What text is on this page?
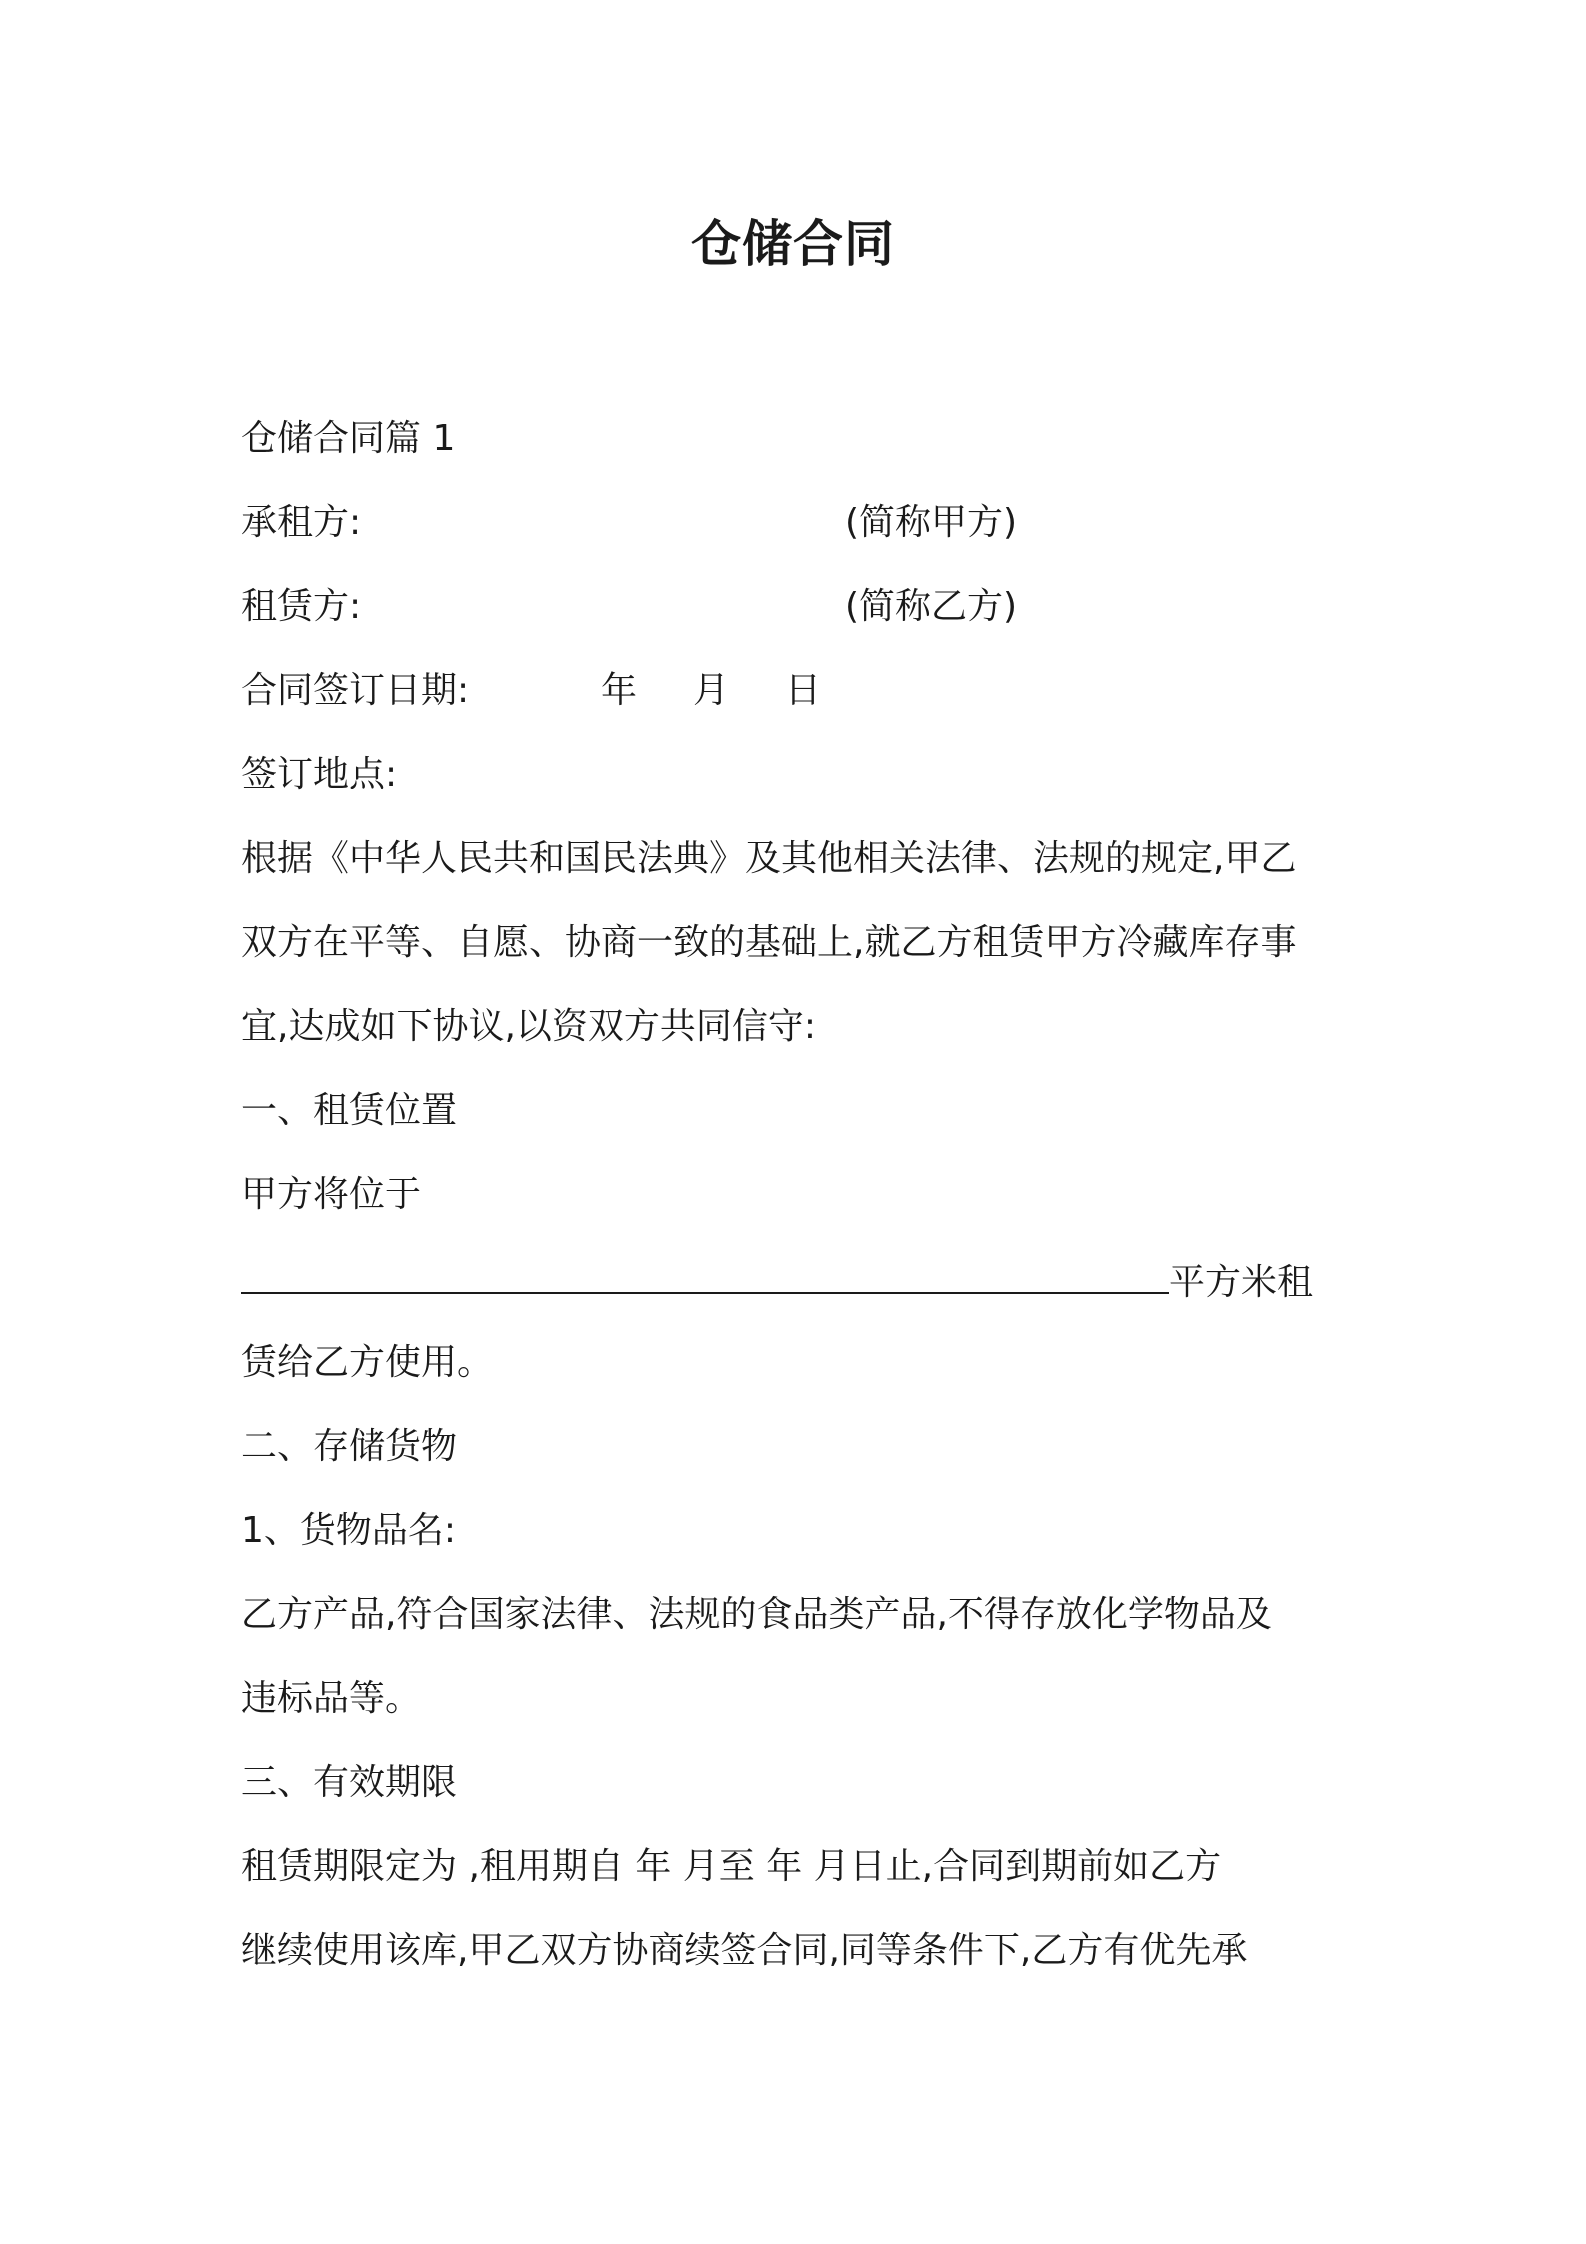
仓储合同

仓储合同篇 1

承租方:	(简称甲方)

租赁方:	(简称乙方)

合同签订日期:	年 月 日

签订地点:

根据《中华人民共和国民法典》及其他相关法律、法规的规定,甲乙

双方在平等、自愿、协商一致的基础上,就乙方租赁甲方冷藏库存事

宜,达成如下协议,以资双方共同信守:

一、租赁位置

甲方将位于

平方米租

赁给乙方使用。

二、存储货物

1、货物品名:

乙方产品,符合国家法律、法规的食品类产品,不得存放化学物品及

违标品等。

三、有效期限

租赁期限定为 ,租用期自 年 月至 年 月日止,合同到期前如乙方

继续使用该库,甲乙双方协商续签合同,同等条件下,乙方有优先承
